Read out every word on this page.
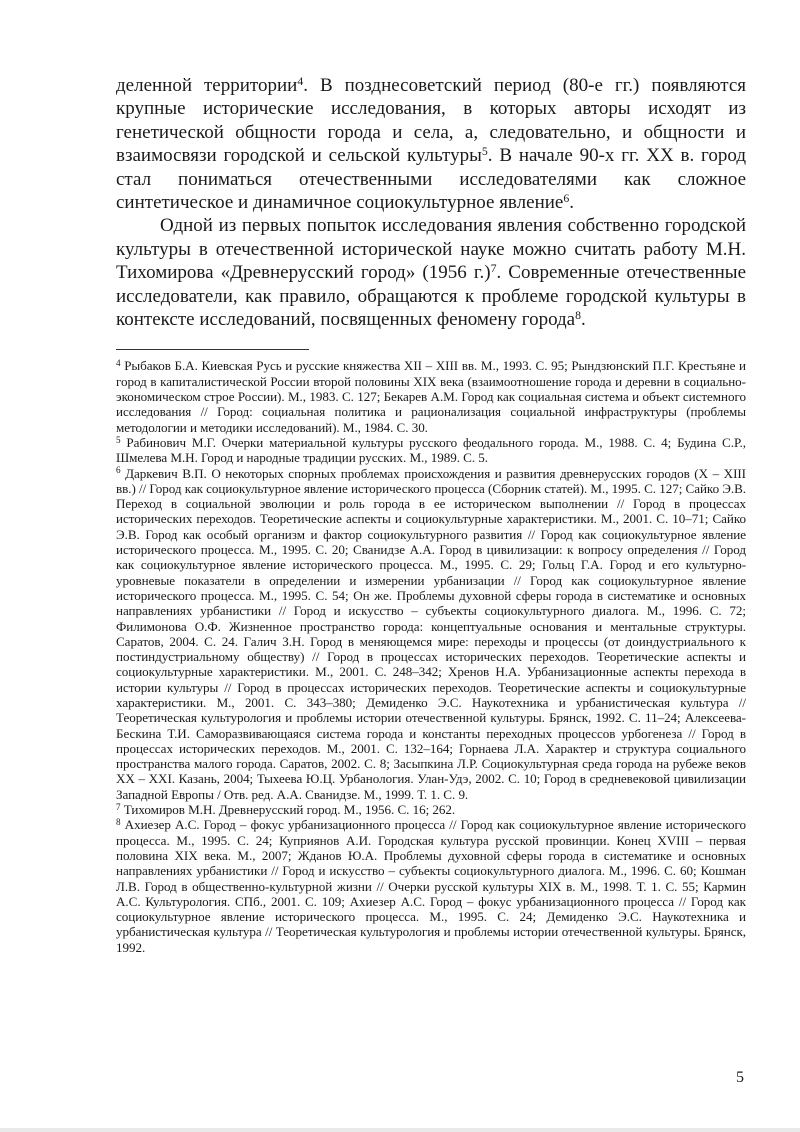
деленной территории$^4$. В позднесоветский период (80-е гг.) появляются крупные исторические исследования, в которых авторы исходят из генетической общности города и села, а, следовательно, и общности и взаимосвязи городской и сельской культуры$^5$. В начале 90-х гг. XX в. город стал пониматься отечественными исследователями как сложное синтетическое и динамичное социокультурное явление$^6$.

Одной из первых попыток исследования явления собственно городской культуры в отечественной исторической науке можно считать работу М.Н. Тихомирова «Древнерусский город» (1956 г.)$^7$. Современные отечественные исследователи, как правило, обращаются к проблеме городской культуры в контексте исследований, посвященных феномену города$^8$.

$^4$ Рыбаков Б.А. Киевская Русь и русские княжества XII – XIII вв. М., 1993. С. 95; Рындзюнский П.Г. Крестьяне и город в капиталистической России второй половины XIX века (взаимоотношение города и деревни в социально-экономическом строе России). М., 1983. С. 127; Бекарев А.М. Город как социальная система и объект системного исследования // Город: социальная политика и рационализация социальной инфраструктуры (проблемы методологии и методики исследований). М., 1984. С. 30.

$^5$ Рабинович М.Г. Очерки материальной культуры русского феодального города. М., 1988. С. 4; Будина С.Р., Шмелева М.Н. Город и народные традиции русских. М., 1989. С. 5.

$^6$ Даркевич В.П. О некоторых спорных проблемах происхождения и развития древнерусских городов (X – XIII вв.) // Город как социокультурное явление исторического процесса (Сборник статей). М., 1995. С. 127; Сайко Э.В. Переход в социальной эволюции и роль города в ее историческом выполнении // Город в процессах исторических переходов. Теоретические аспекты и социокультурные характеристики. М., 2001. С. 10–71; Сайко Э.В. Город как особый организм и фактор социокультурного развития // Город как социокультурное явление исторического процесса. М., 1995. С. 20; Сванидзе А.А. Город в цивилизации: к вопросу определения // Город как социокультурное явление исторического процесса. М., 1995. С. 29; Гольц Г.А. Город и его культурно-уровневые показатели в определении и измерении урбанизации // Город как социокультурное явление исторического процесса. М., 1995. С. 54; Он же. Проблемы духовной сферы города в систематике и основных направлениях урбанистики // Город и искусство – субъекты социокультурного диалога. М., 1996. С. 72; Филимонова О.Ф. Жизненное пространство города: концептуальные основания и ментальные структуры. Саратов, 2004. С. 24. Галич З.Н. Город в меняющемся мире: переходы и процессы (от доиндустриального к постиндустриальному обществу) // Город в процессах исторических переходов. Теоретические аспекты и социокультурные характеристики. М., 2001. С. 248–342; Хренов Н.А. Урбанизационные аспекты перехода в истории культуры // Город в процессах исторических переходов. Теоретические аспекты и социокультурные характеристики. М., 2001. С. 343–380; Демиденко Э.С. Наукотехника и урбанистическая культура // Теоретическая культурология и проблемы истории отечественной культуры. Брянск, 1992. С. 11–24; Алексеева-Бескина Т.И. Саморазвивающаяся система города и константы переходных процессов урбогенеза // Город в процессах исторических переходов. М., 2001. С. 132–164; Горнаева Л.А. Характер и структура социального пространства малого города. Саратов, 2002. С. 8; Засыпкина Л.Р. Социокультурная среда города на рубеже веков XX – XXI. Казань, 2004; Тыхеева Ю.Ц. Урбанология. Улан-Удэ, 2002. С. 10; Город в средневековой цивилизации Западной Европы / Отв. ред. А.А. Сванидзе. М., 1999. Т. 1. С. 9.

$^7$ Тихомиров М.Н. Древнерусский город. М., 1956. С. 16; 262.

$^8$ Ахиезер А.С. Город – фокус урбанизационного процесса // Город как социокультурное явление исторического процесса. М., 1995. С. 24; Куприянов А.И. Городская культура русской провинции. Конец XVIII – первая половина XIX века. М., 2007; Жданов Ю.А. Проблемы духовной сферы города в систематике и основных направлениях урбанистики // Город и искусство – субъекты социокультурного диалога. М., 1996. С. 60; Кошман Л.В. Город в общественно-культурной жизни // Очерки русской культуры XIX в. М., 1998. Т. 1. С. 55; Кармин А.С. Культурология. СПб., 2001. С. 109; Ахиезер А.С. Город – фокус урбанизационного процесса // Город как социокультурное явление исторического процесса. М., 1995. С. 24; Демиденко Э.С. Наукотехника и урбанистическая культура // Теоретическая культурология и проблемы истории отечественной культуры. Брянск, 1992.

5
